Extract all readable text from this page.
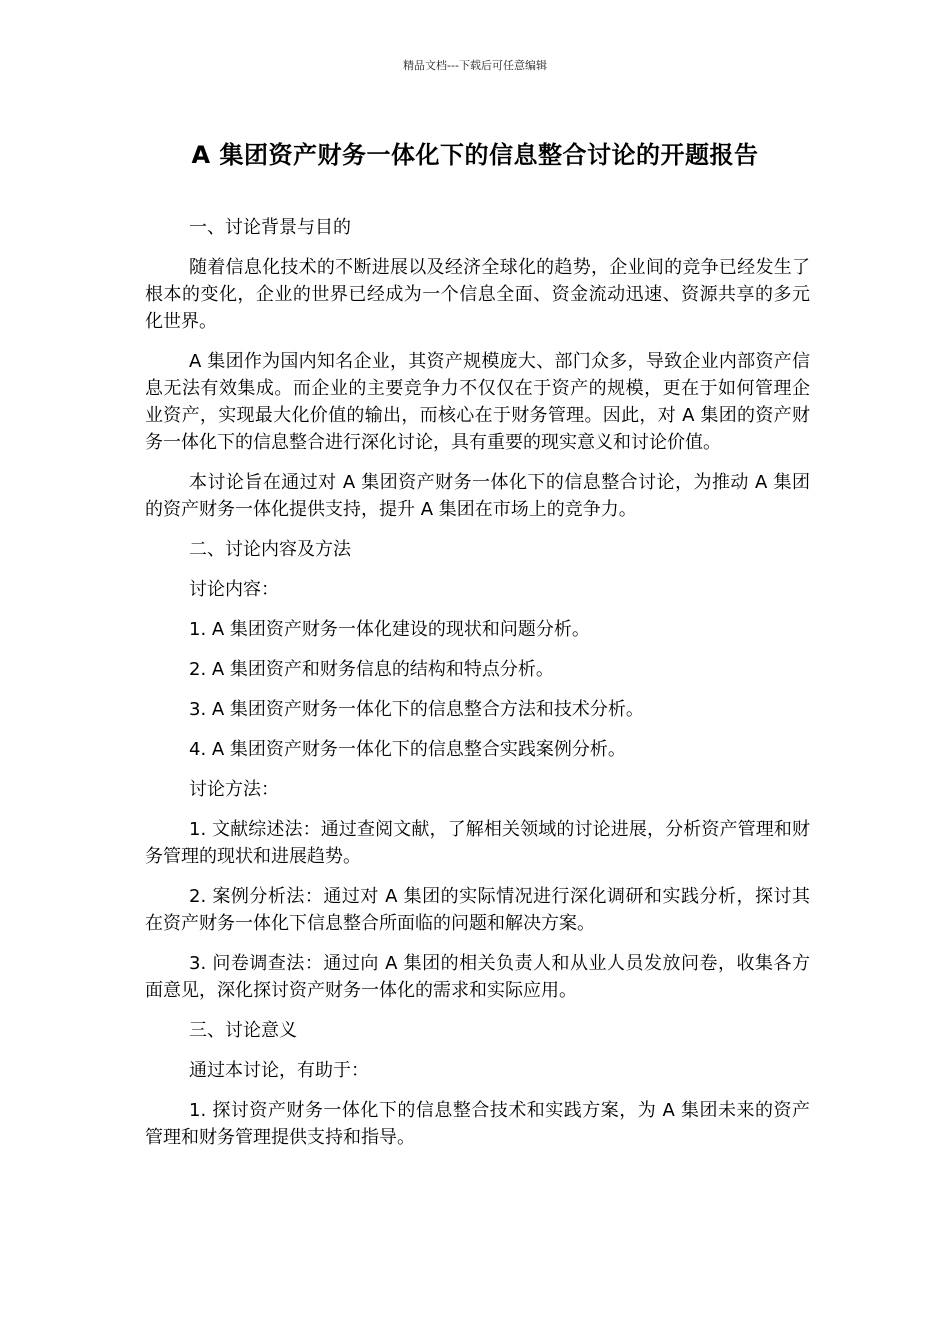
精品文档---下载后可任意编辑
A 集团资产财务一体化下的信息整合讨论的开题报告

一、讨论背景与目的

随着信息化技术的不断进展以及经济全球化的趋势，企业间的竞争已经发生了根本的变化，企业的世界已经成为一个信息全面、资金流动迅速、资源共享的多元化世界。

A 集团作为国内知名企业，其资产规模庞大、部门众多，导致企业内部资产信息无法有效集成。而企业的主要竞争力不仅仅在于资产的规模，更在于如何管理企业资产，实现最大化价值的输出，而核心在于财务管理。因此，对 A 集团的资产财务一体化下的信息整合进行深化讨论，具有重要的现实意义和讨论价值。

本讨论旨在通过对 A 集团资产财务一体化下的信息整合讨论，为推动 A 集团的资产财务一体化提供支持，提升 A 集团在市场上的竞争力。

二、讨论内容及方法

讨论内容：

1. A 集团资产财务一体化建设的现状和问题分析。

2. A 集团资产和财务信息的结构和特点分析。

3. A 集团资产财务一体化下的信息整合方法和技术分析。

4. A 集团资产财务一体化下的信息整合实践案例分析。

讨论方法：

1. 文献综述法：通过查阅文献，了解相关领域的讨论进展，分析资产管理和财务管理的现状和进展趋势。

2. 案例分析法：通过对 A 集团的实际情况进行深化调研和实践分析，探讨其在资产财务一体化下信息整合所面临的问题和解决方案。

3. 问卷调查法：通过向 A 集团的相关负责人和从业人员发放问卷，收集各方面意见，深化探讨资产财务一体化的需求和实际应用。

三、讨论意义

通过本讨论，有助于：

1. 探讨资产财务一体化下的信息整合技术和实践方案，为 A 集团未来的资产管理和财务管理提供支持和指导。
